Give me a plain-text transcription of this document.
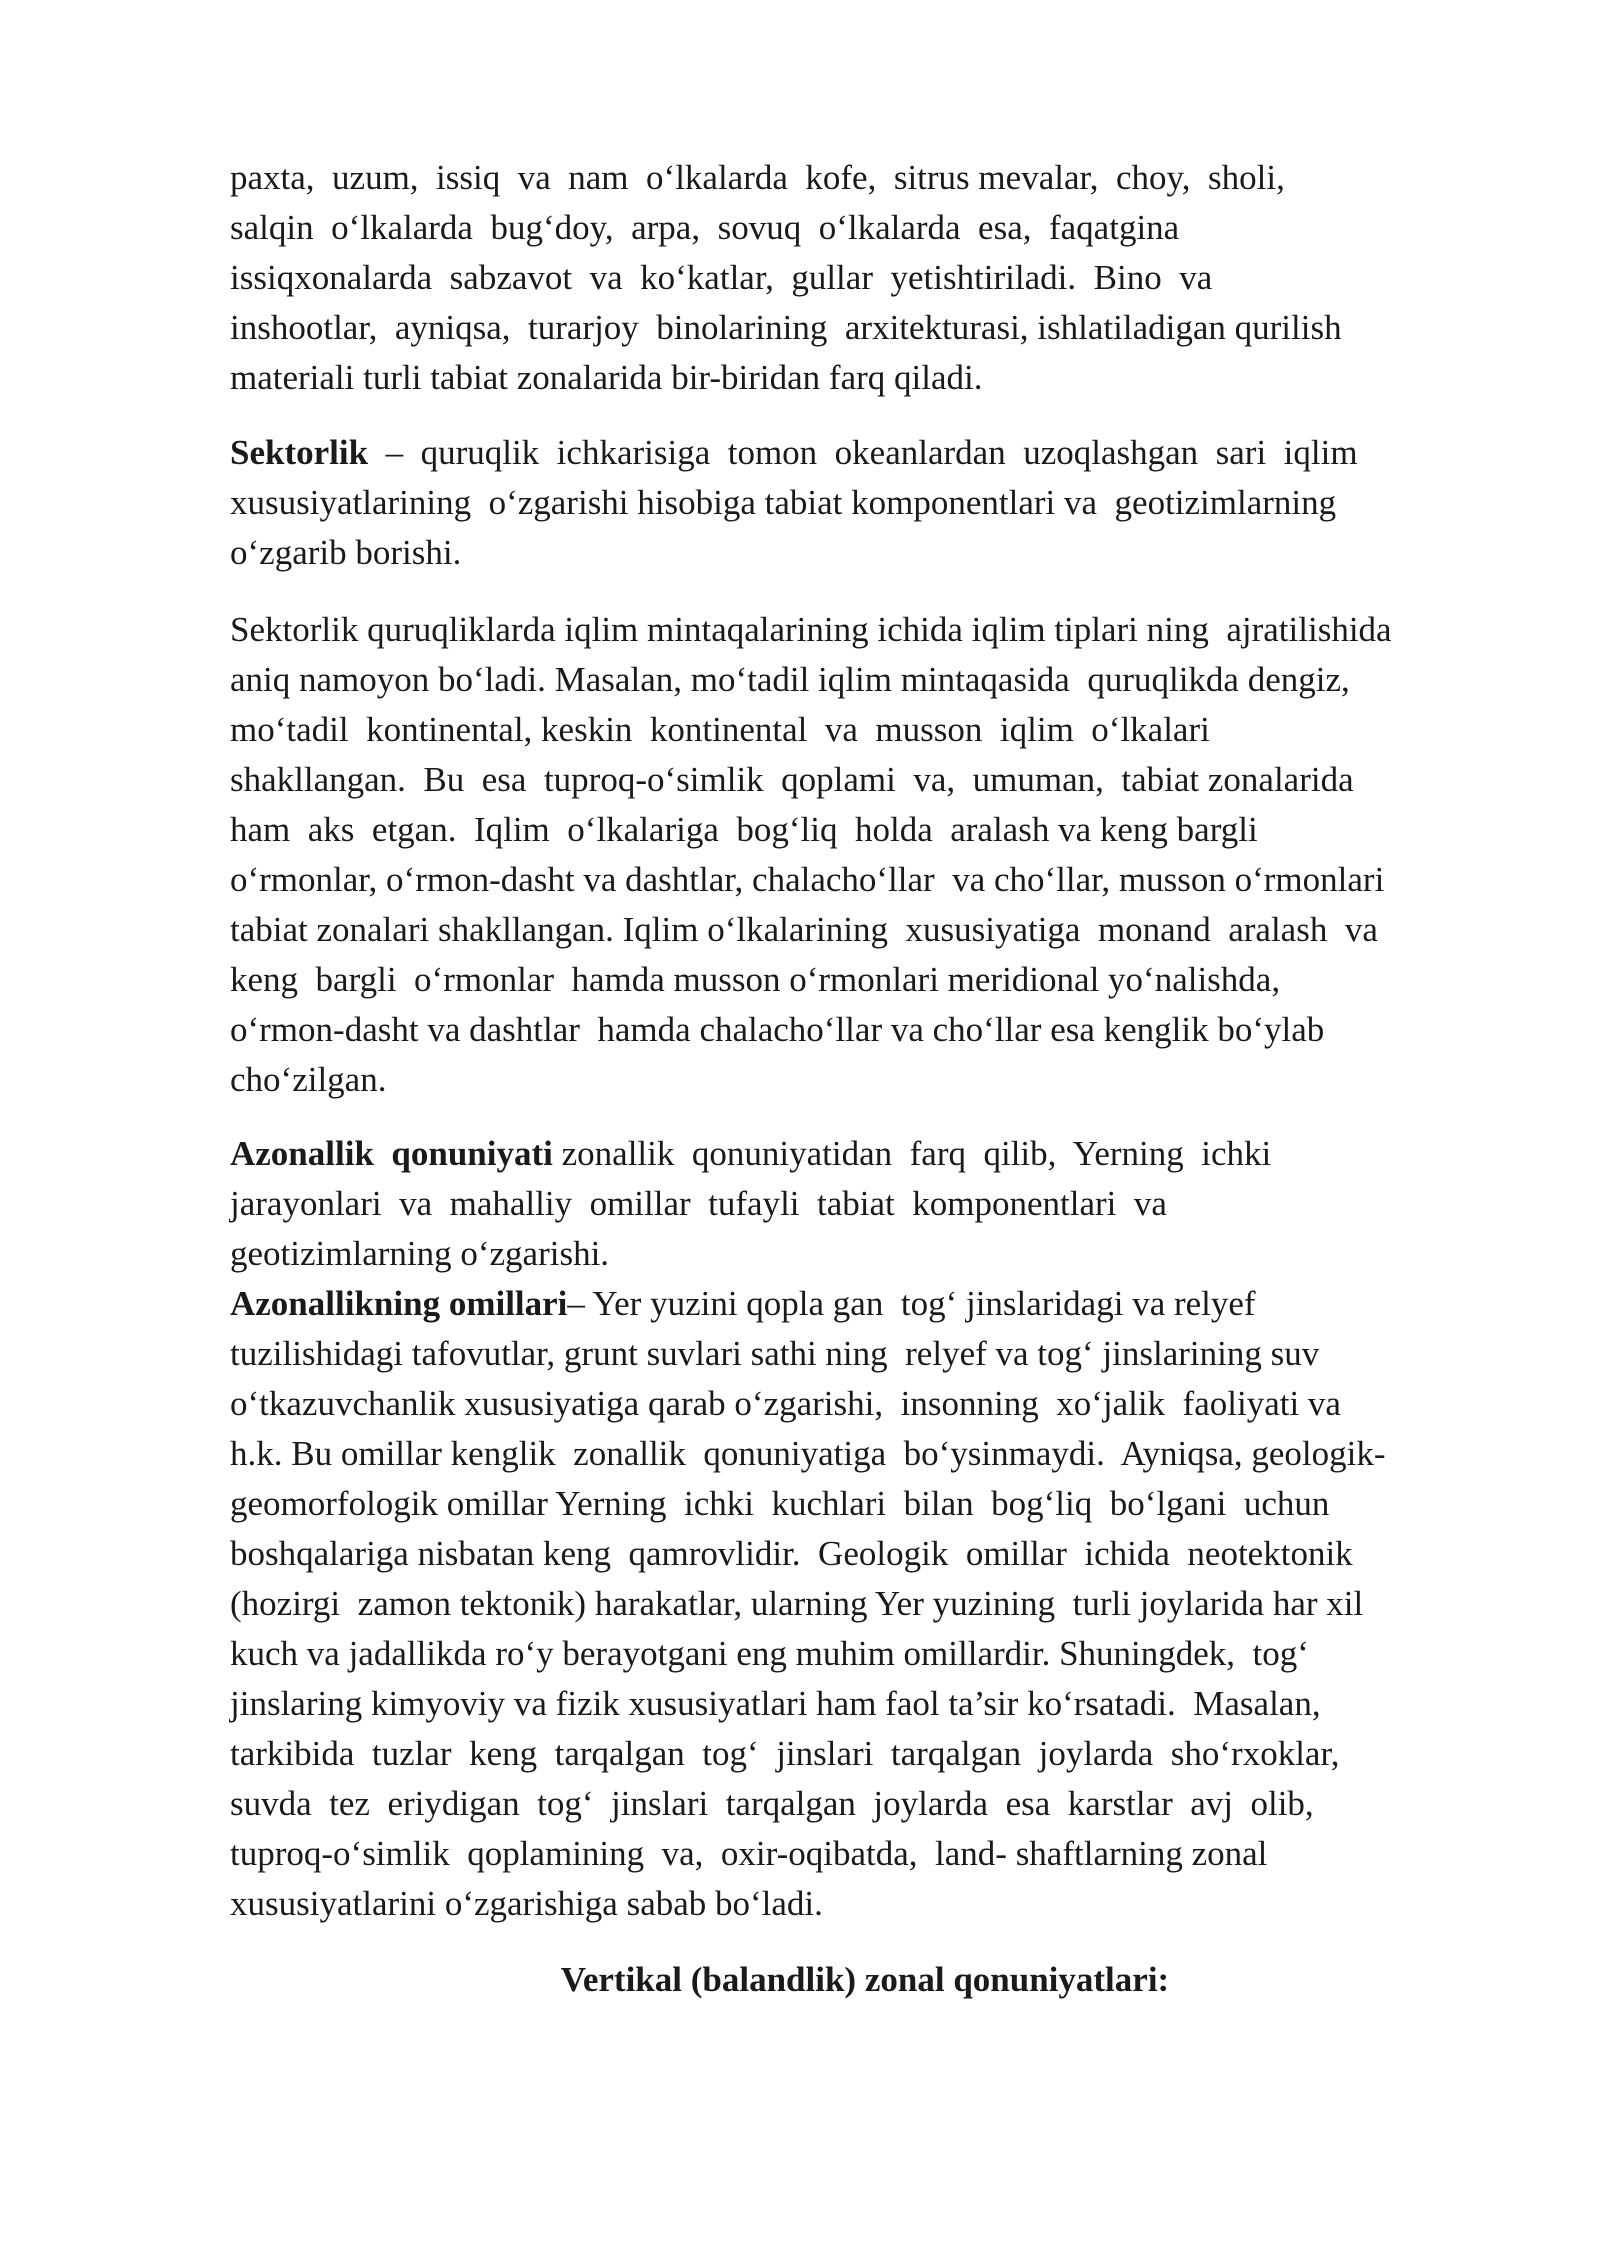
paxta,  uzum,  issiq  va  nam  o‘lkalarda  kofe,  sitrus mevalar,  choy,  sholi,
salqin  o‘lkalarda  bug‘doy,  arpa,  sovuq  o‘lkalarda  esa,  faqatgina
issiqxonalarda  sabzavot  va  ko‘katlar,  gullar  yetishtiriladi.  Bino  va
inshootlar,  ayniqsa,  turarjoy  binolarining  arxitekturasi, ishlatiladigan qurilish
materiali turli tabiat zonalarida bir-biridan farq qiladi.
Sektorlik  –  quruqlik  ichkarisiga  tomon  okeanlardan  uzoqlashgan  sari  iqlim
xususiyatlarining  o‘zgarishi hisobiga tabiat komponentlari va  geotizimlarning
o‘zgarib borishi.
Sektorlik quruqliklarda iqlim mintaqalarining ichida iqlim tiplari ning  ajratilishida
aniq namoyon bo‘ladi. Masalan, mo‘tadil iqlim mintaqasida  quruqlikda dengiz,
mo‘tadil  kontinental, keskin  kontinental  va  musson  iqlim  o‘lkalari
shakllangan.  Bu  esa  tuproq-o‘simlik  qoplami  va,  umuman,  tabiat zonalarida
ham  aks  etgan.  Iqlim  o‘lkalariga  bog‘liq  holda  aralash va keng bargli
o‘rmonlar, o‘rmon-dasht va dashtlar, chalacho‘llar  va cho‘llar, musson o‘rmonlari
tabiat zonalari shakllangan. Iqlim o‘lkalarining  xususiyatiga  monand  aralash  va
keng  bargli  o‘rmonlar  hamda musson o‘rmonlari meridional yo‘nalishda,
o‘rmon-dasht va dashtlar  hamda chalacho‘llar va cho‘llar esa kenglik bo‘ylab
cho‘zilgan.
Azonallik  qonuniyati zonallik  qonuniyatidan  farq  qilib,  Yerning  ichki
jarayonlari  va  mahalliy  omillar  tufayli  tabiat  komponentlari  va
geotizimlarning o‘zgarishi.
Azonallikning omillari– Yer yuzini qopla gan  tog‘ jinslaridagi va relyef
tuzilishidagi tafovutlar, grunt suvlari sathi ning  relyef va tog‘ jinslarining suv
o‘tkazuvchanlik xususiyatiga qarab o‘zgarishi,  insonning  xo‘jalik  faoliyati va
h.k. Bu omillar kenglik  zonallik  qonuniyatiga  bo‘ysinmaydi.  Ayniqsa, geologik-
geomorfologik omillar Yerning  ichki  kuchlari  bilan  bog‘liq  bo‘lgani  uchun
boshqalariga nisbatan keng  qamrovlidir.  Geologik  omillar  ichida  neotektonik
(hozirgi  zamon tektonik) harakatlar, ularning Yer yuzining  turli joylarida har xil
kuch va jadallikda ro‘y berayotgani eng muhim omillardir. Shuningdek,  tog‘
jinslaring kimyoviy va fizik xususiyatlari ham faol ta’sir ko‘rsatadi.  Masalan,
tarkibida  tuzlar  keng  tarqalgan  tog‘  jinslari  tarqalgan  joylarda  sho‘rxoklar,
suvda  tez  eriydigan  tog‘  jinslari  tarqalgan  joylarda  esa  karstlar  avj  olib,
tuproq-o‘simlik  qoplamining  va,  oxir-oqibatda,  land- shaftlarning zonal
xususiyatlarini o‘zgarishiga sabab bo‘ladi.
Vertikal (balandlik) zonal qonuniyatlari:
